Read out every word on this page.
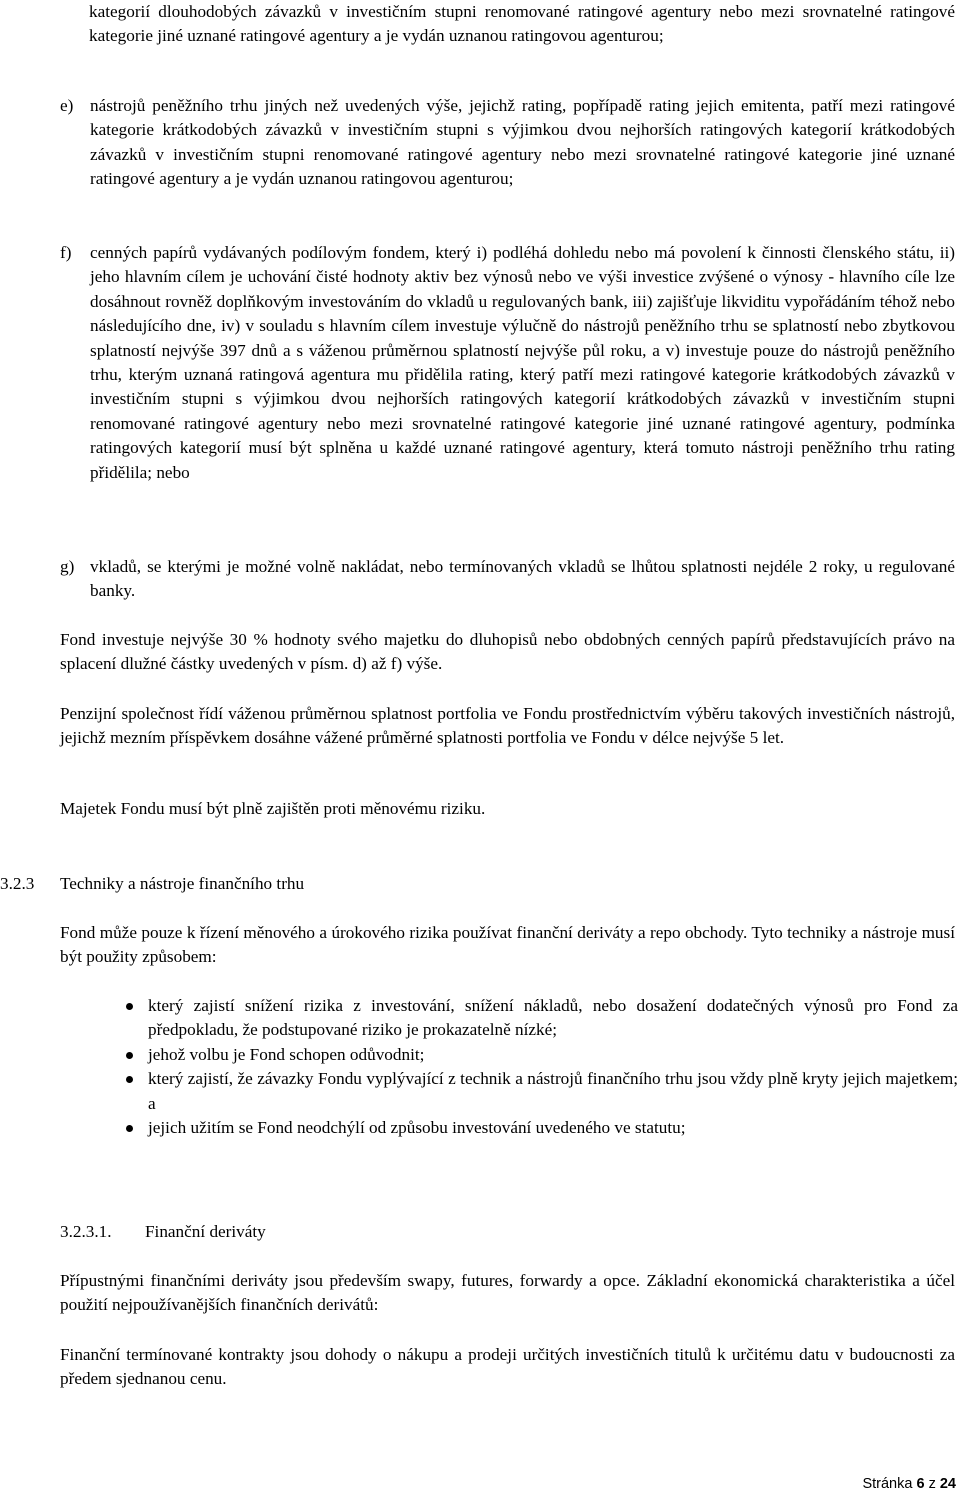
kategorií dlouhodobých závazků v investičním stupni renomované ratingové agentury nebo mezi srovnatelné ratingové kategorie jiné uznané ratingové agentury a je vydán uznanou ratingovou agenturou;
e) nástrojů peněžního trhu jiných než uvedených výše, jejichž rating, popřípadě rating jejich emitenta, patří mezi ratingové kategorie krátkodobých závazků v investičním stupni s výjimkou dvou nejhorších ratingových kategorií krátkodobých závazků v investičním stupni renomované ratingové agentury nebo mezi srovnatelné ratingové kategorie jiné uznané ratingové agentury a je vydán uznanou ratingovou agenturou;
f) cenných papírů vydávaných podílovým fondem, který i) podléhá dohledu nebo má povolení k činnosti členského státu, ii) jeho hlavním cílem je uchování čisté hodnoty aktiv bez výnosů nebo ve výši investice zvýšené o výnosy - hlavního cíle lze dosáhnout rovněž doplňkovým investováním do vkladů u regulovaných bank, iii) zajišťuje likviditu vypořádáním téhož nebo následujícího dne, iv) v souladu s hlavním cílem investuje výlučně do nástrojů peněžního trhu se splatností nebo zbytkovou splatností nejvýše 397 dnů a s váženou průměrnou splatností nejvýše půl roku, a v) investuje pouze do nástrojů peněžního trhu, kterým uznaná ratingová agentura mu přidělila rating, který patří mezi ratingové kategorie krátkodobých závazků v investičním stupni s výjimkou dvou nejhorších ratingových kategorií krátkodobých závazků v investičním stupni renomované ratingové agentury nebo mezi srovnatelné ratingové kategorie jiné uznané ratingové agentury, podmínka ratingových kategorií musí být splněna u každé uznané ratingové agentury, která tomuto nástroji peněžního trhu rating přidělila; nebo
g) vkladů, se kterými je možné volně nakládat, nebo termínovaných vkladů se lhůtou splatnosti nejdéle 2 roky, u regulované banky.
Fond investuje nejvýše 30 % hodnoty svého majetku do dluhopisů nebo obdobných cenných papírů představujících právo na splacení dlužné částky uvedených v písm. d) až f) výše.
Penzijní společnost řídí váženou průměrnou splatnost portfolia ve Fondu prostřednictvím výběru takových investičních nástrojů, jejichž mezním příspěvkem dosáhne vážené průměrné splatnosti portfolia ve Fondu v délce nejvýše 5 let.
Majetek Fondu musí být plně zajištěn proti měnovému riziku.
3.2.3 Techniky a nástroje finančního trhu
Fond může pouze k řízení měnového a úrokového rizika používat finanční deriváty a repo obchody. Tyto techniky a nástroje musí být použity způsobem:
který zajistí snížení rizika z investování, snížení nákladů, nebo dosažení dodatečných výnosů pro Fond za předpokladu, že podstupované riziko je prokazatelně nízké;
jehož volbu je Fond schopen odůvodnit;
který zajistí, že závazky Fondu vyplývající z technik a nástrojů finančního trhu jsou vždy plně kryty jejich majetkem; a
jejich užitím se Fond neodchýlí od způsobu investování uvedeného ve statutu;
3.2.3.1. Finanční deriváty
Přípustnými finančními deriváty jsou především swapy, futures, forwardy a opce. Základní ekonomická charakteristika a účel použití nejpoužívanějších finančních derivátů:
Finanční termínované kontrakty jsou dohody o nákupu a prodeji určitých investičních titulů k určitému datu v budoucnosti za předem sjednanou cenu.
Stránka 6 z 24
